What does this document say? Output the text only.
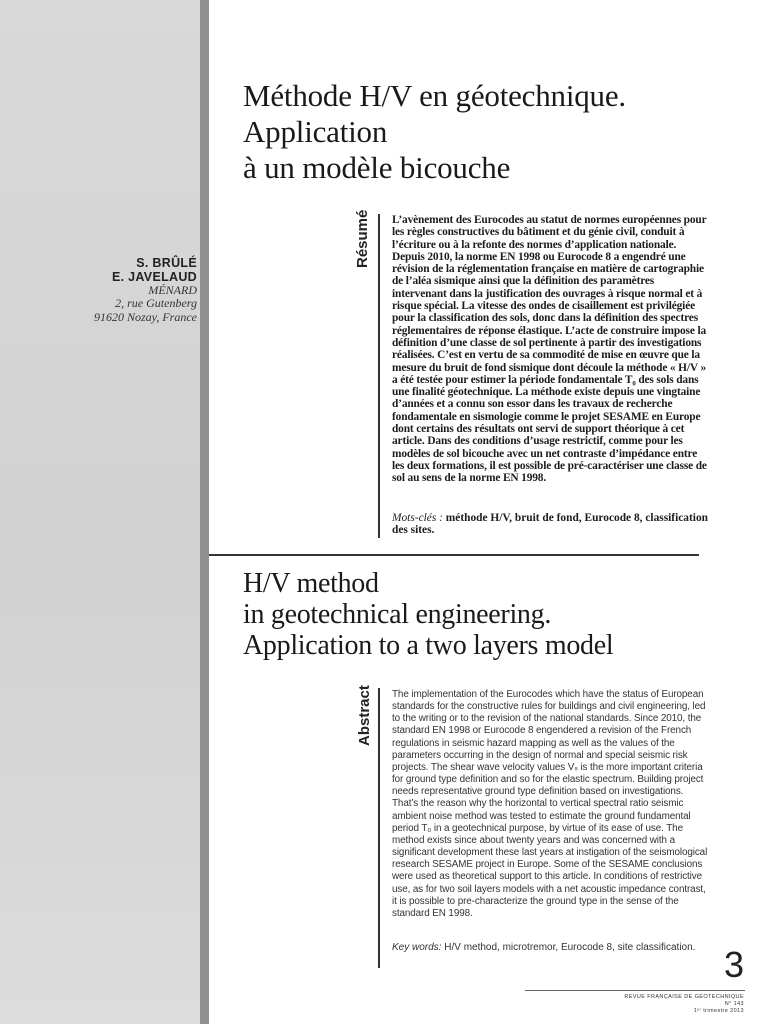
S. BRÛLÉ
E. JAVELAUD
MÉNARD
2, rue Gutenberg
91620 Nozay, France
Méthode H/V en géotechnique.
Application
à un modèle bicouche
Résumé L’avènement des Eurocodes au statut de normes européennes pour les règles constructives du bâtiment et du génie civil, conduit à l’écriture ou à la refonte des normes d’application nationale. Depuis 2010, la norme EN 1998 ou Eurocode 8 a engendré une révision de la réglementation française en matière de cartographie de l’aléa sismique ainsi que la définition des paramètres intervenant dans la justification des ouvrages à risque normal et à risque spécial. La vitesse des ondes de cisaillement est privilégiée pour la classification des sols, donc dans la définition des spectres réglementaires de réponse élastique. L’acte de construire impose la définition d’une classe de sol pertinente à partir des investigations réalisées. C’est en vertu de sa commodité de mise en œuvre que la mesure du bruit de fond sismique dont découle la méthode « H/V » a été testée pour estimer la période fondamentale T₀ des sols dans une finalité géotechnique. La méthode existe depuis une vingtaine d’années et a connu son essor dans les travaux de recherche fondamentale en sismologie comme le projet SESAME en Europe dont certains des résultats ont servi de support théorique à cet article. Dans des conditions d’usage restrictif, comme pour les modèles de sol bicouche avec un net contraste d’impédance entre les deux formations, il est possible de pré-caractériser une classe de sol au sens de la norme EN 1998.

Mots-clés : méthode H/V, bruit de fond, Eurocode 8, classification des sites.

H/V method
in geotechnical engineering.
Application to a two layers model
Abstract The implementation of the Eurocodes which have the status of European standards for the constructive rules for buildings and civil engineering, led to the writing or to the revision of the national standards. Since 2010, the standard EN 1998 or Eurocode 8 engendered a revision of the French regulations in seismic hazard mapping as well as the values of the parameters occurring in the design of normal and special seismic risk projects. The shear wave velocity values Vₛ is the more important criteria for ground type definition and so for the elastic spectrum. Building project needs representative ground type definition based on investigations. That’s the reason why the horizontal to vertical spectral ratio seismic ambient noise method was tested to estimate the ground fundamental period T₀ in a geotechnical purpose, by virtue of its ease of use. The method exists since about twenty years and was concerned with a significant development these last years at instigation of the seismological research SESAME project in Europe. Some of the SESAME conclusions were used as theoretical support to this article. In conditions of restrictive use, as for two soil layers models with a net acoustic impedance contrast, it is possible to pre-characterize the ground type in the sense of the standard EN 1998.

Key words: H/V method, microtremor, Eurocode 8, site classification. 3
REVUE FRANÇAISE DE GÉOTECHNIQUE
N° 143
1ᵉʳ trimestre 2013
